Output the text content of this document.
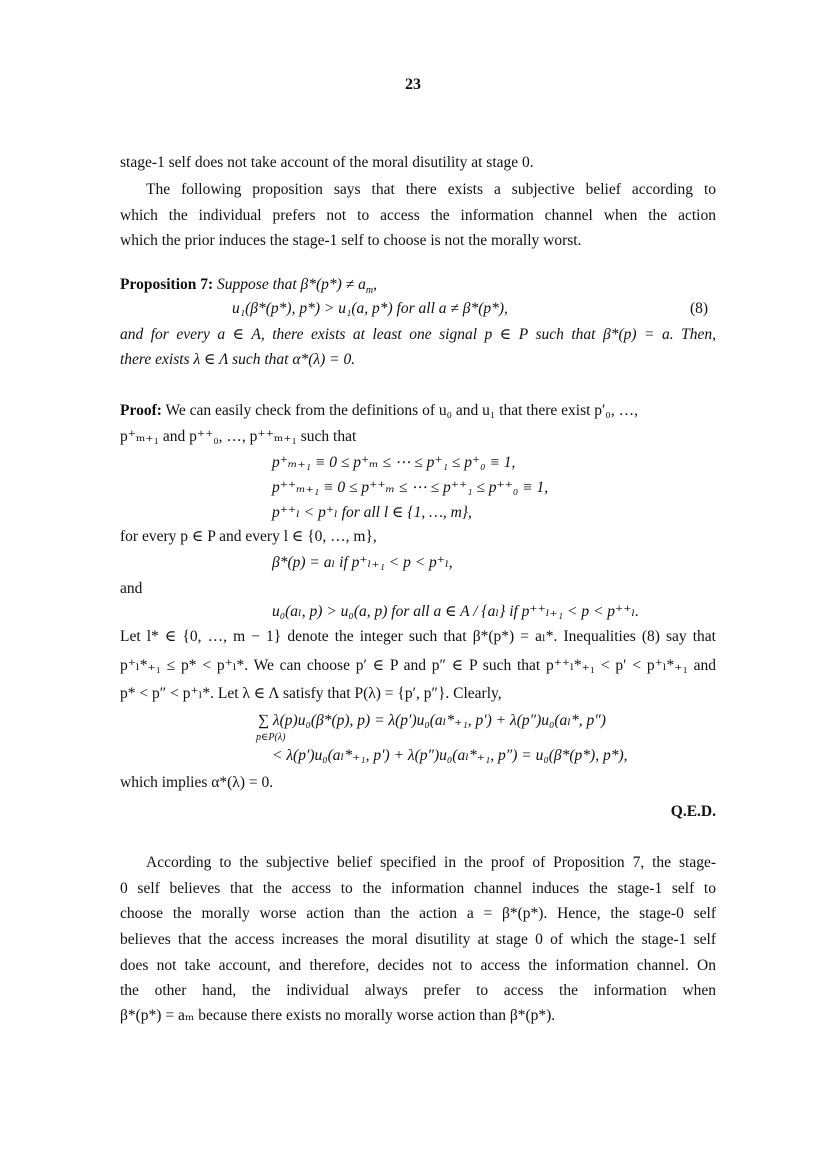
23
stage-1 self does not take account of the moral disutility at stage 0.
The following proposition says that there exists a subjective belief according to
which the individual prefers not to access the information channel when the action
which the prior induces the stage-1 self to choose is not the morally worst.
Proposition 7: Suppose that $\beta*(p*) \ne a_m$,
u₁(β*(p*), p*) > u₁(a, p*) for all a ≠ β*(p*),	(8)
and for every a ∈ A, there exists at least one signal p ∈ P such that β*(p) = a. Then,
there exists λ ∈ Λ such that α*(λ) = 0.
Proof: We can easily check from the definitions of u₀ and u₁ that there exist p′₀, …,
p⁺ₘ₊₁ and p⁺⁺₀, …, p⁺⁺ₘ₊₁ such that
p⁺ₘ₊₁ ≡ 0 ≤ p⁺ₘ ≤ ⋯ ≤ p⁺₁ ≤ p⁺₀ ≡ 1,
p⁺⁺ₘ₊₁ ≡ 0 ≤ p⁺⁺ₘ ≤ ⋯ ≤ p⁺⁺₁ ≤ p⁺⁺₀ ≡ 1,
p⁺⁺ₗ < p⁺ₗ for all l ∈ {1, …, m},
for every p ∈ P and every l ∈ {0, …, m},
β*(p) = aₗ if p⁺ₗ₊₁ < p < p⁺ₗ,
and
u₀(aₗ, p) > u₀(a, p) for all a ∈ A / {aₗ} if p⁺⁺ₗ₊₁ < p < p⁺⁺ₗ.
Let l* ∈ {0, …, m − 1} denote the integer such that β*(p*) = aₗ*. Inequalities (8) say that
p⁺ₗ*₊₁ ≤ p* < p⁺ₗ*. We can choose p′ ∈ P and p″ ∈ P such that p⁺⁺ₗ*₊₁ < p′ < p⁺ₗ*₊₁ and
p* < p″ < p⁺ₗ*. Let λ ∈ Λ satisfy that P(λ) = {p′, p″}. Clearly,
∑ λ(p)u₀(β*(p), p) = λ(p′)u₀(aₗ*₊₁, p′) + λ(p″)u₀(aₗ*, p″)
p∈P(λ)
< λ(p′)u₀(aₗ*₊₁, p′) + λ(p″)u₀(aₗ*₊₁, p″) = u₀(β*(p*), p*),
which implies α*(λ) = 0.
Q.E.D.
According to the subjective belief specified in the proof of Proposition 7, the stage-
0 self believes that the access to the information channel induces the stage-1 self to
choose the morally worse action than the action a = β*(p*). Hence, the stage-0 self
believes that the access increases the moral disutility at stage 0 of which the stage-1 self
does not take account, and therefore, decides not to access the information channel. On
the other hand, the individual always prefer to access the information when
β*(p*) = aₘ because there exists no morally worse action than β*(p*).
